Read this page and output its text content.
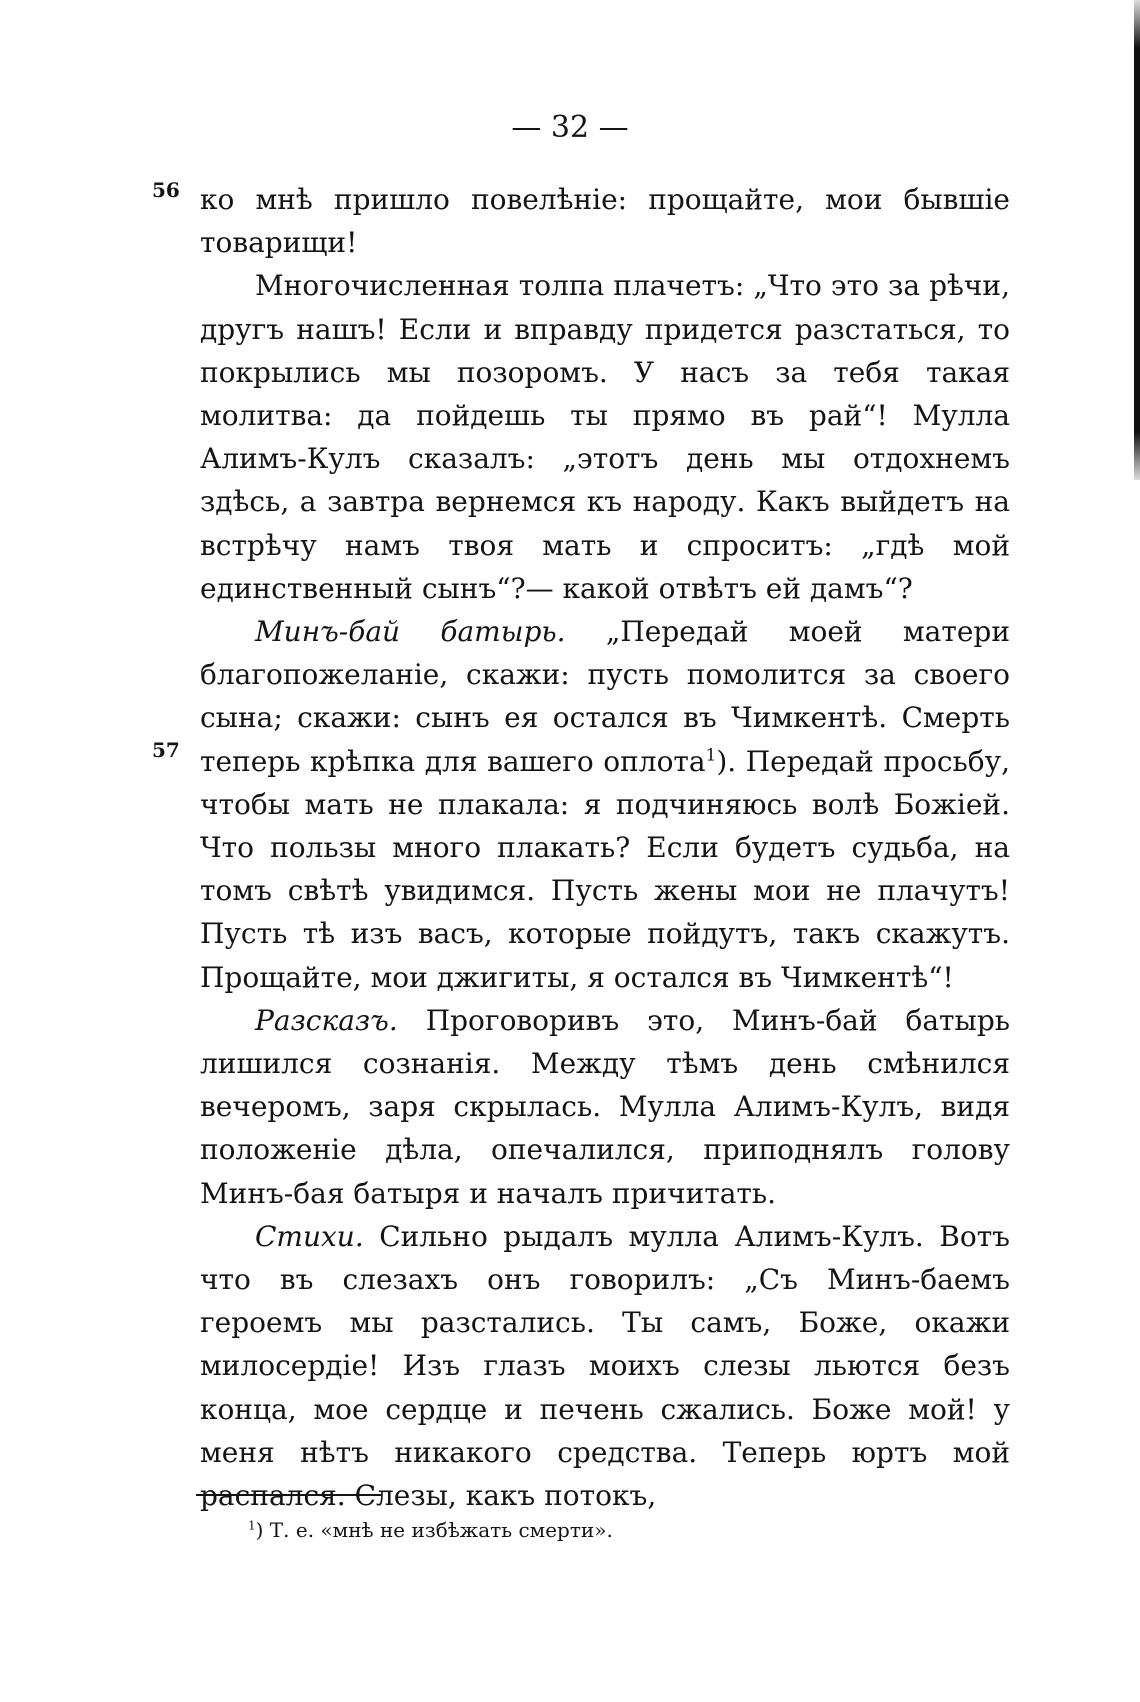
— 32 —
56
57

ко мнѣ пришло повелѣніе: прощайте, мои бывшіе товарищи!

Многочисленная толпа плачетъ: „Что это за рѣчи, другъ нашъ! Если и вправду придется разстаться, то покрылись мы позоромъ. У насъ за тебя такая молитва: да пойдешь ты прямо въ рай“! Мулла Алимъ-Кулъ сказалъ: „этотъ день мы отдохнемъ здѣсь, а завтра вернемся къ народу. Какъ выйдетъ на встрѣчу намъ твоя мать и спроситъ: „гдѣ мой единственный сынъ“?— какой отвѣтъ ей дамъ“?

Минъ-бай батырь. „Передай моей матери благопожеланіе, скажи: пусть помолится за своего сына; скажи: сынъ ея остался въ Чимкентѣ. Смерть теперь крѣпка для вашего оплота$^1$). Передай просьбу, чтобы мать не плакала: я подчиняюсь волѣ Божіей. Что пользы много плакать? Если будетъ судьба, на томъ свѣтѣ увидимся. Пусть жены мои не плачутъ! Пусть тѣ изъ васъ, которые пойдутъ, такъ скажутъ. Прощайте, мои джигиты, я остался въ Чимкентѣ“!

Разсказъ. Проговоривъ это, Минъ-бай батырь лишился сознанія. Между тѣмъ день смѣнился вечеромъ, заря скрылась. Мулла Алимъ-Кулъ, видя положеніе дѣла, опечалился, приподнялъ голову Минъ-бая батыря и началъ причитать.

Стихи. Сильно рыдалъ мулла Алимъ-Кулъ. Вотъ что въ слезахъ онъ говорилъ: „Съ Минъ-баемъ героемъ мы разстались. Ты самъ, Боже, окажи милосердіе! Изъ глазъ моихъ слезы льются безъ конца, мое сердце и печень сжались. Боже мой! у меня нѣтъ никакого средства. Теперь юртъ мой распался. Слезы, какъ потокъ,

$^1$) Т. е. «мнѣ не избѣжать смерти».
